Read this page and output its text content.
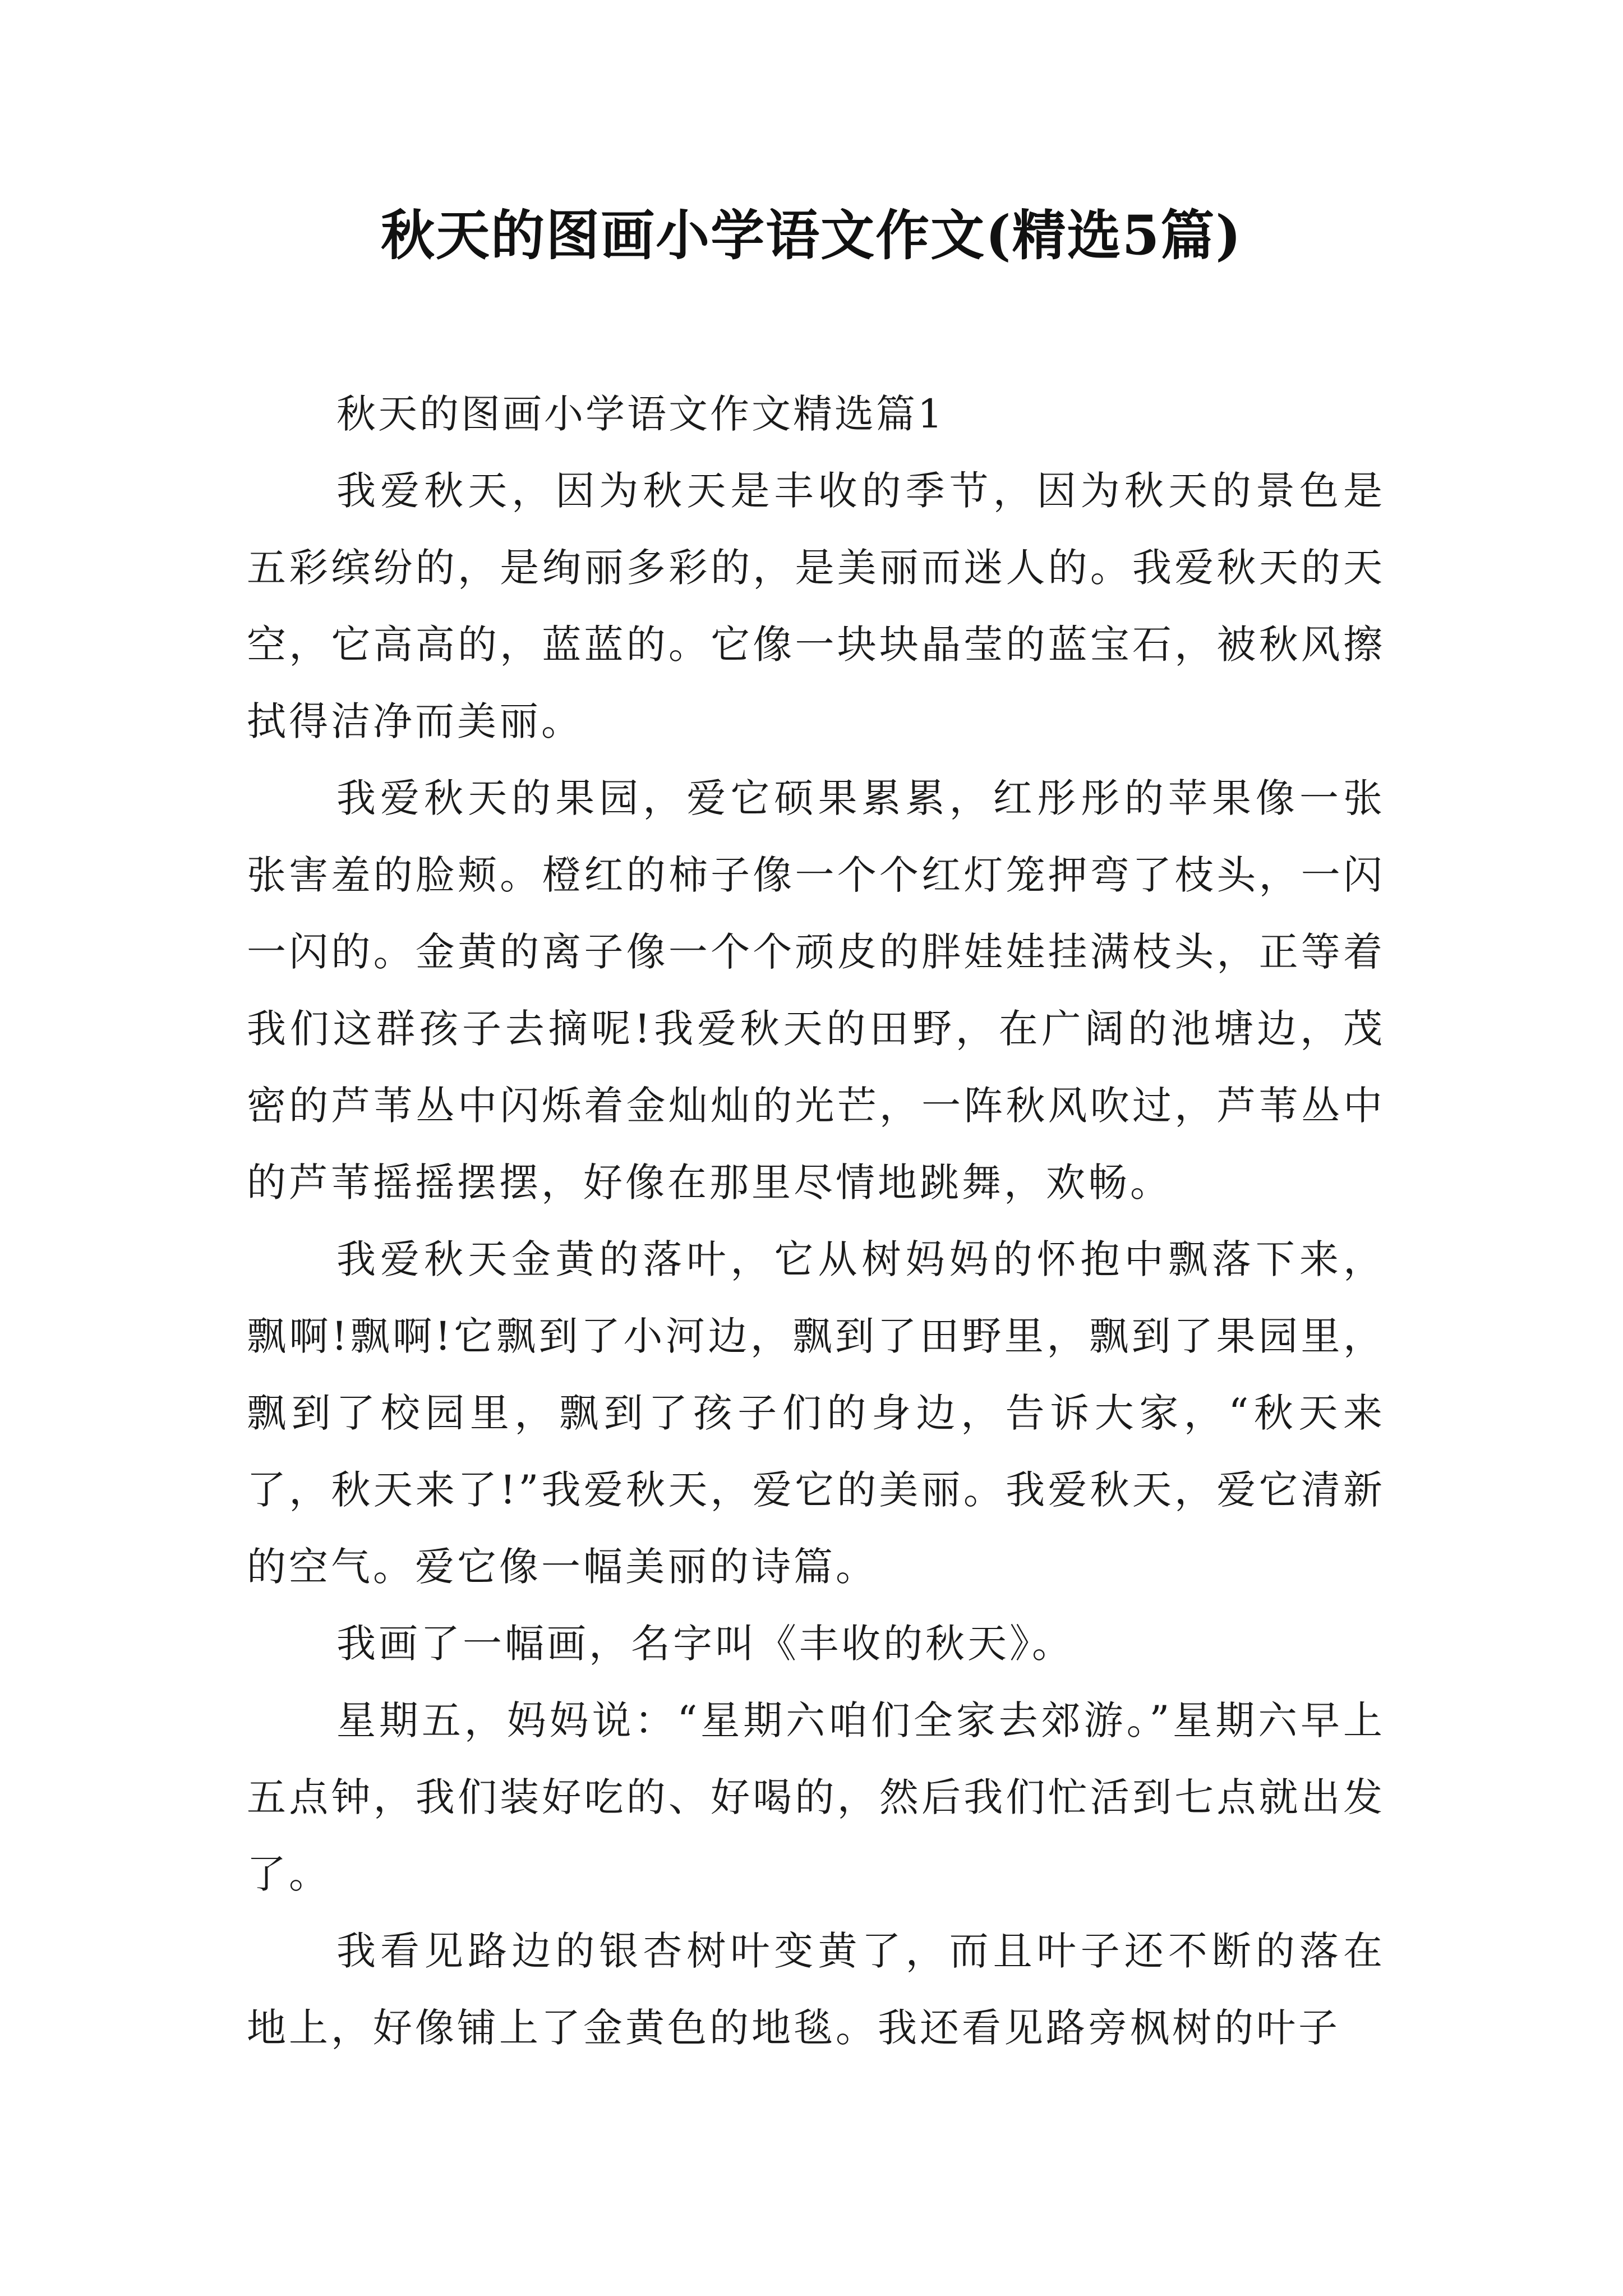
秋天的图画小学语文作文(精选5篇)

秋天的图画小学语文作文精选篇1

我爱秋天，因为秋天是丰收的季节，因为秋天的景色是五彩缤纷的，是绚丽多彩的，是美丽而迷人的。我爱秋天的天空，它高高的，蓝蓝的。它像一块块晶莹的蓝宝石，被秋风擦拭得洁净而美丽。

我爱秋天的果园，爱它硕果累累，红彤彤的苹果像一张张害羞的脸颊。橙红的柿子像一个个红灯笼押弯了枝头，一闪一闪的。金黄的离子像一个个顽皮的胖娃娃挂满枝头，正等着我们这群孩子去摘呢!我爱秋天的田野，在广阔的池塘边，茂密的芦苇丛中闪烁着金灿灿的光芒，一阵秋风吹过，芦苇丛中的芦苇摇摇摆摆，好像在那里尽情地跳舞，欢畅。

我爱秋天金黄的落叶，它从树妈妈的怀抱中飘落下来，飘啊!飘啊!它飘到了小河边，飘到了田野里，飘到了果园里，飘到了校园里，飘到了孩子们的身边，告诉大家，“秋天来了，秋天来了!”我爱秋天，爱它的美丽。我爱秋天，爱它清新的空气。爱它像一幅美丽的诗篇。

我画了一幅画，名字叫《丰收的秋天》。

星期五，妈妈说：“星期六咱们全家去郊游。”星期六早上五点钟，我们装好吃的、好喝的，然后我们忙活到七点就出发了。

我看见路边的银杏树叶变黄了，而且叶子还不断的落在地上，好像铺上了金黄色的地毯。我还看见路旁枫树的叶子
